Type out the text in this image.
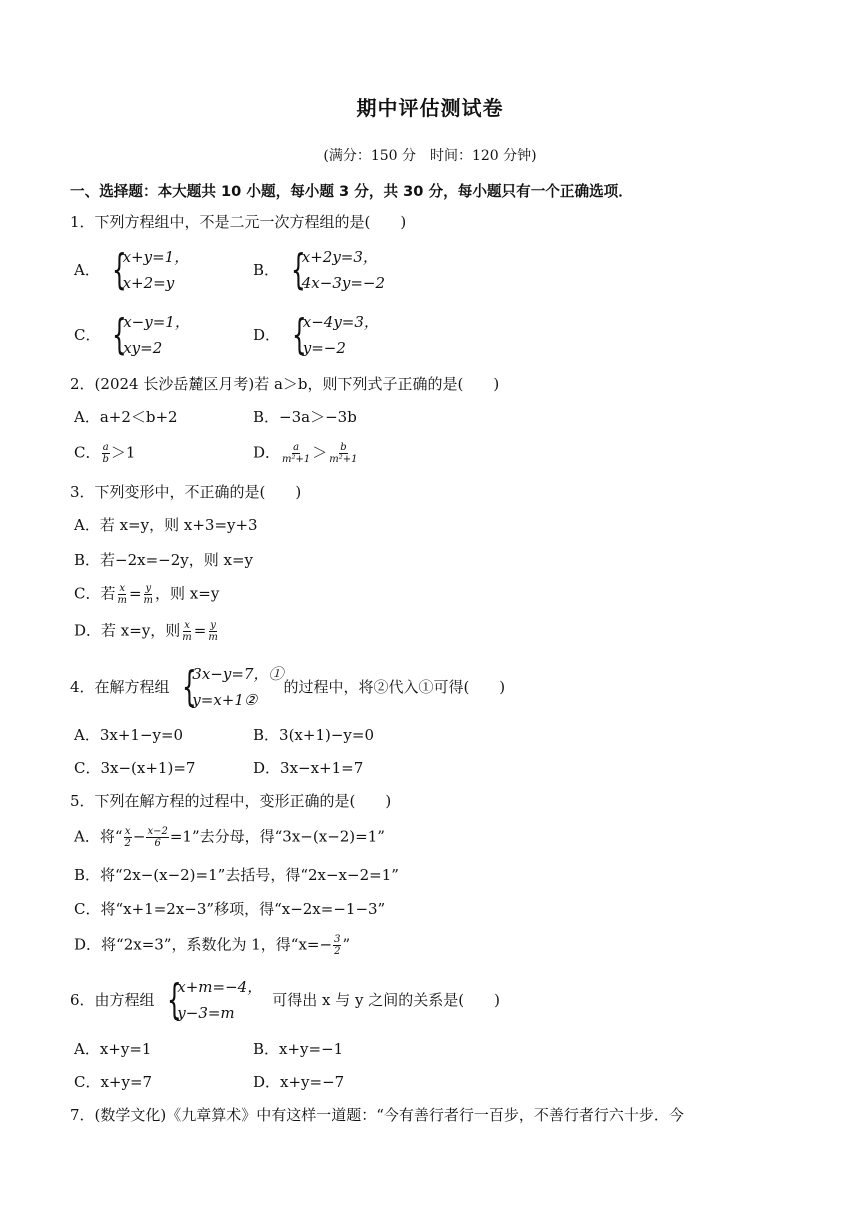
期中评估测试卷
(满分：150 分　时间：120 分钟)
一、选择题：本大题共 10 小题，每小题 3 分，共 30 分，每小题只有一个正确选项．
1．下列方程组中，不是二元一次方程组的是(　　)
A． {
x+y=1，
x+2=y
B． {
x+2y=3，
4x−3y=−2
C． {
x−y=1，
xy=2
D． {
x−4y=3，
y=−2
2．(2024 长沙岳麓区月考)若 a＞b，则下列式子正确的是(　　)
A．a+2＜b+2	B．−3a＞−3b
C． $\frac{a}{b} >1$	D． $\frac{a}{\text{m²+1}} > \frac{b}{\text{m²+1}}$
3．下列变形中，不正确的是(　　)
A．若 x=y，则 x+3=y+3
B．若−2x=−2y，则 x=y
C．若 $\frac{x}{m} = \frac{y}{m}$ ，则 x=y
D．若 x=y，则 $\frac{x}{m} = \frac{y}{m}$
4．在解方程组 {
3x−y=7，①
y=x+1②
的过程中，将②代入①可得(　　)
A．3x+1−y=0	B．3(x+1)−y=0
C．3x−(x+1)=7	D．3x−x+1=7
5．下列在解方程的过程中，变形正确的是(　　)
A．将“ $\frac{x}{2} - \frac{x-2}{6} =1$”去分母，得“3x−(x−2)=1”
B．将“2x−(x−2)=1”去括号，得“2x−x−2=1”
C．将“x+1=2x−3”移项，得“x−2x=−1−3”
D．将“2x=3”，系数化为 1，得“$x=- \frac{3}{2}$ ”
6．由方程组 {
x+m=−4，
y−3=m
可得出 x 与 y 之间的关系是(　　)
A．x+y=1	B．x+y=−1
C．x+y=7	D．x+y=−7
7．(数学文化)《九章算术》中有这样一道题：“今有善行者行一百步，不善行者行六十步．今
